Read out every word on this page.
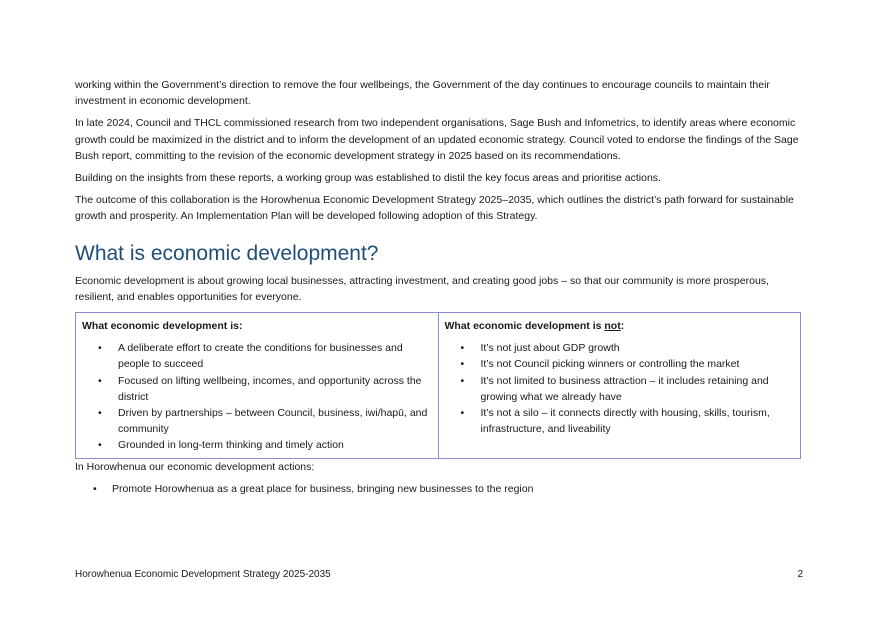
working within the Government’s direction to remove the four wellbeings, the Government of the day continues to encourage councils to maintain their investment in economic development.

In late 2024, Council and THCL commissioned research from two independent organisations, Sage Bush and Infometrics, to identify areas where economic growth could be maximized in the district and to inform the development of an updated economic strategy. Council voted to endorse the findings of the Sage Bush report, committing to the revision of the economic development strategy in 2025 based on its recommendations.

Building on the insights from these reports, a working group was established to distil the key focus areas and prioritise actions.

The outcome of this collaboration is the Horowhenua Economic Development Strategy 2025–2035, which outlines the district’s path forward for sustainable growth and prosperity. An Implementation Plan will be developed following adoption of this Strategy.

What is economic development?

Economic development is about growing local businesses, attracting investment, and creating good jobs – so that our community is more prosperous, resilient, and enables opportunities for everyone.

What economic development is:
• A deliberate effort to create the conditions for businesses and people to succeed
• Focused on lifting wellbeing, incomes, and opportunity across the district
• Driven by partnerships – between Council, business, iwi/hapū, and community
• Grounded in long-term thinking and timely action

What economic development is not:
• It’s not just about GDP growth
• It’s not Council picking winners or controlling the market
• It’s not limited to business attraction – it includes retaining and growing what we already have
• It’s not a silo – it connects directly with housing, skills, tourism, infrastructure, and liveability

In Horowhenua our economic development actions:

• Promote Horowhenua as a great place for business, bringing new businesses to the region
Horowhenua Economic Development Strategy 2025-2035	2
